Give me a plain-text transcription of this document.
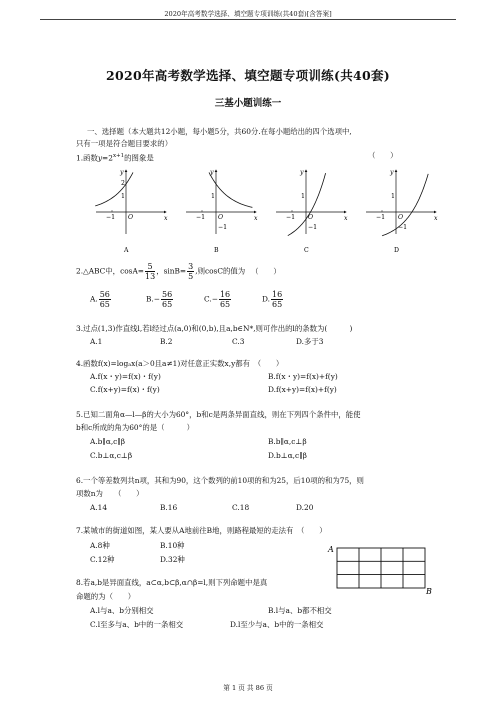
2020年高考数学选择、填空题专项训练(共40套)[含答案]
2020年高考数学选择、填空题专项训练(共40套)
三基小题训练一
一、选择题（本大题共12小题，每小题5分，共60分.在每小题给出的四个选项中,
只有一项是符合题目要求的）
1.函数$y=2^{x+1}$的图象是	（　　）
y
x
O
−1
1
2
A
y
x
O
−1
1
−1
B
y
x
O
−1
1
−1
C
y
x
O
−1
1
−1
D
2.△ABC中，$\cos A= \frac{5}{13}$ ，$\sin B= \frac{3}{5}$ ,则cosC的值为 （　　）
A. $\frac{56}{65}$	$B.- \frac{56}{65}$	$C.- \frac{16}{65}$	D. $\frac{16}{65}$
3.过点(1,3)作直线l,若l经过点(a,0)和(0,b),且a,b∈N*,则可作出的l的条数为(　　　)
A.1	B.2	C.3	D.多于3
4.函数f(x)=logₐx(a＞0且a≠1)对任意正实数x,y都有　（　　）
A.f(x・y)=f(x)・f(y)	B.f(x・y)=f(x)+f(y)
C.f(x+y)=f(x)・f(y)	D.f(x+y)=f(x)+f(y)
5.已知二面角α—l—β的大小为60°，b和c是两条异面直线，则在下列四个条件中，能使
b和c所成的角为60°的是（　　　）
A.b∥α,c∥β	B.b∥α,c⊥β
C.b⊥α,c⊥β	D.b⊥α,c∥β
6.一个等差数列共n项，其和为90，这个数列的前10项的和为25，后10项的和为75，则
项数n为　　（　　）
A.14	B.16	C.18	D.20
7.某城市的街道如图，某人要从A地前往B地，则路程最短的走法有　（　　）
A.8种	B.10种
C.12种	D.32种
A
B
8.若a,b是异面直线，a⊂α,b⊂β,α∩β=l,则下列命题中是真
命题的为（　　）
A.l与a、b分别相交	B.l与a、b都不相交
C.l至多与a、b中的一条相交	D.l至少与a、b中的一条相交
第 1 页 共 86 页
